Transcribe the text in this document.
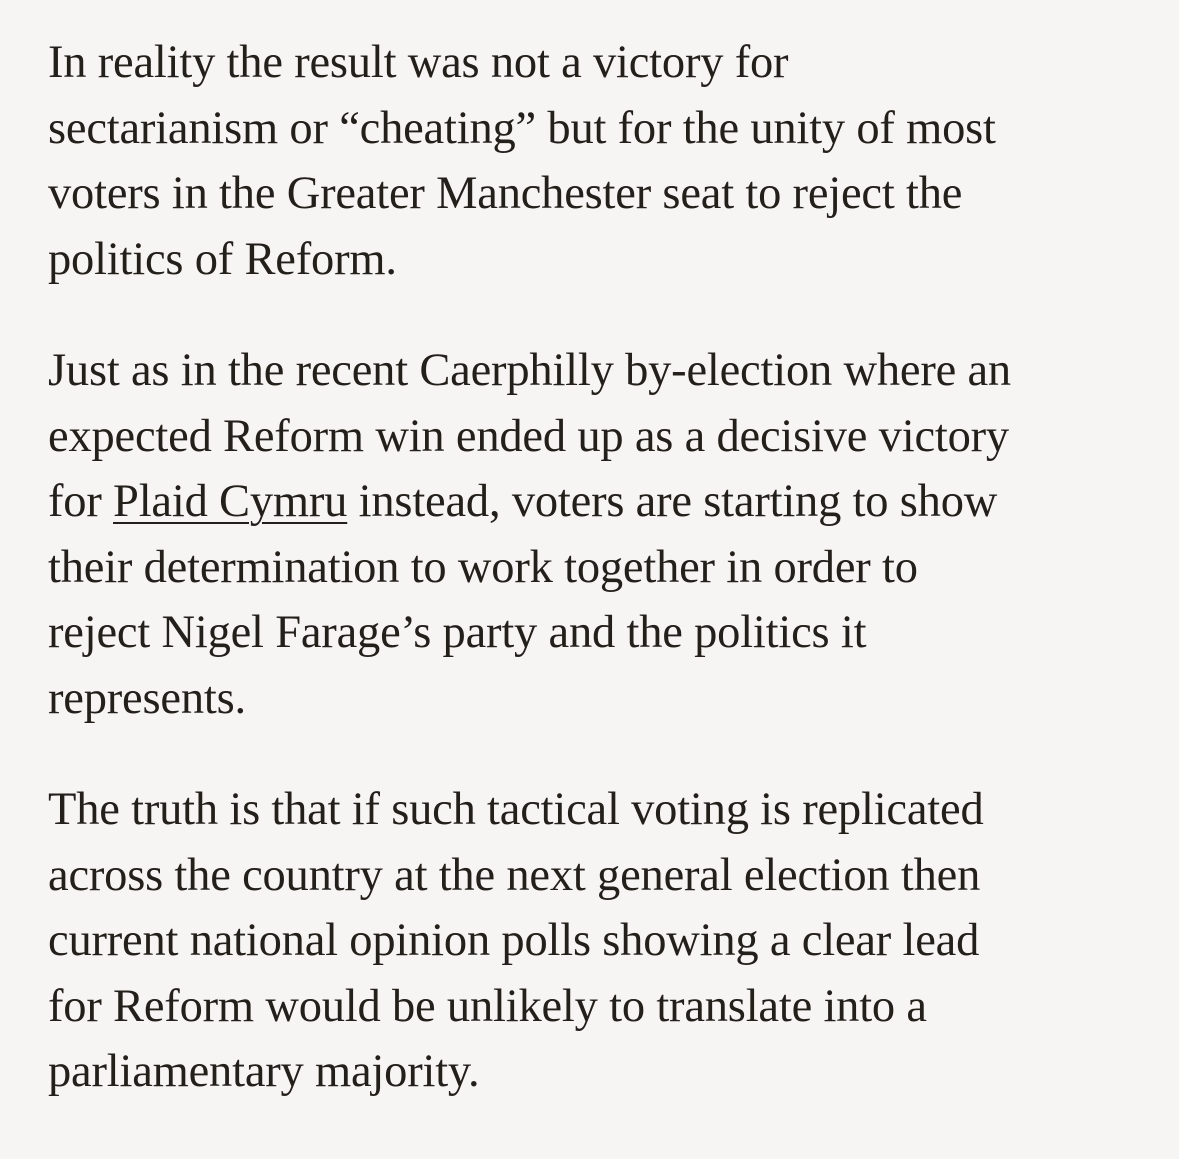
In reality the result was not a victory for
sectarianism or “cheating” but for the unity of most
voters in the Greater Manchester seat to reject the
politics of Reform.

Just as in the recent Caerphilly by-election where an
expected Reform win ended up as a decisive victory
for Plaid Cymru instead, voters are starting to show
their determination to work together in order to
reject Nigel Farage’s party and the politics it
represents.

The truth is that if such tactical voting is replicated
across the country at the next general election then
current national opinion polls showing a clear lead
for Reform would be unlikely to translate into a
parliamentary majority.
